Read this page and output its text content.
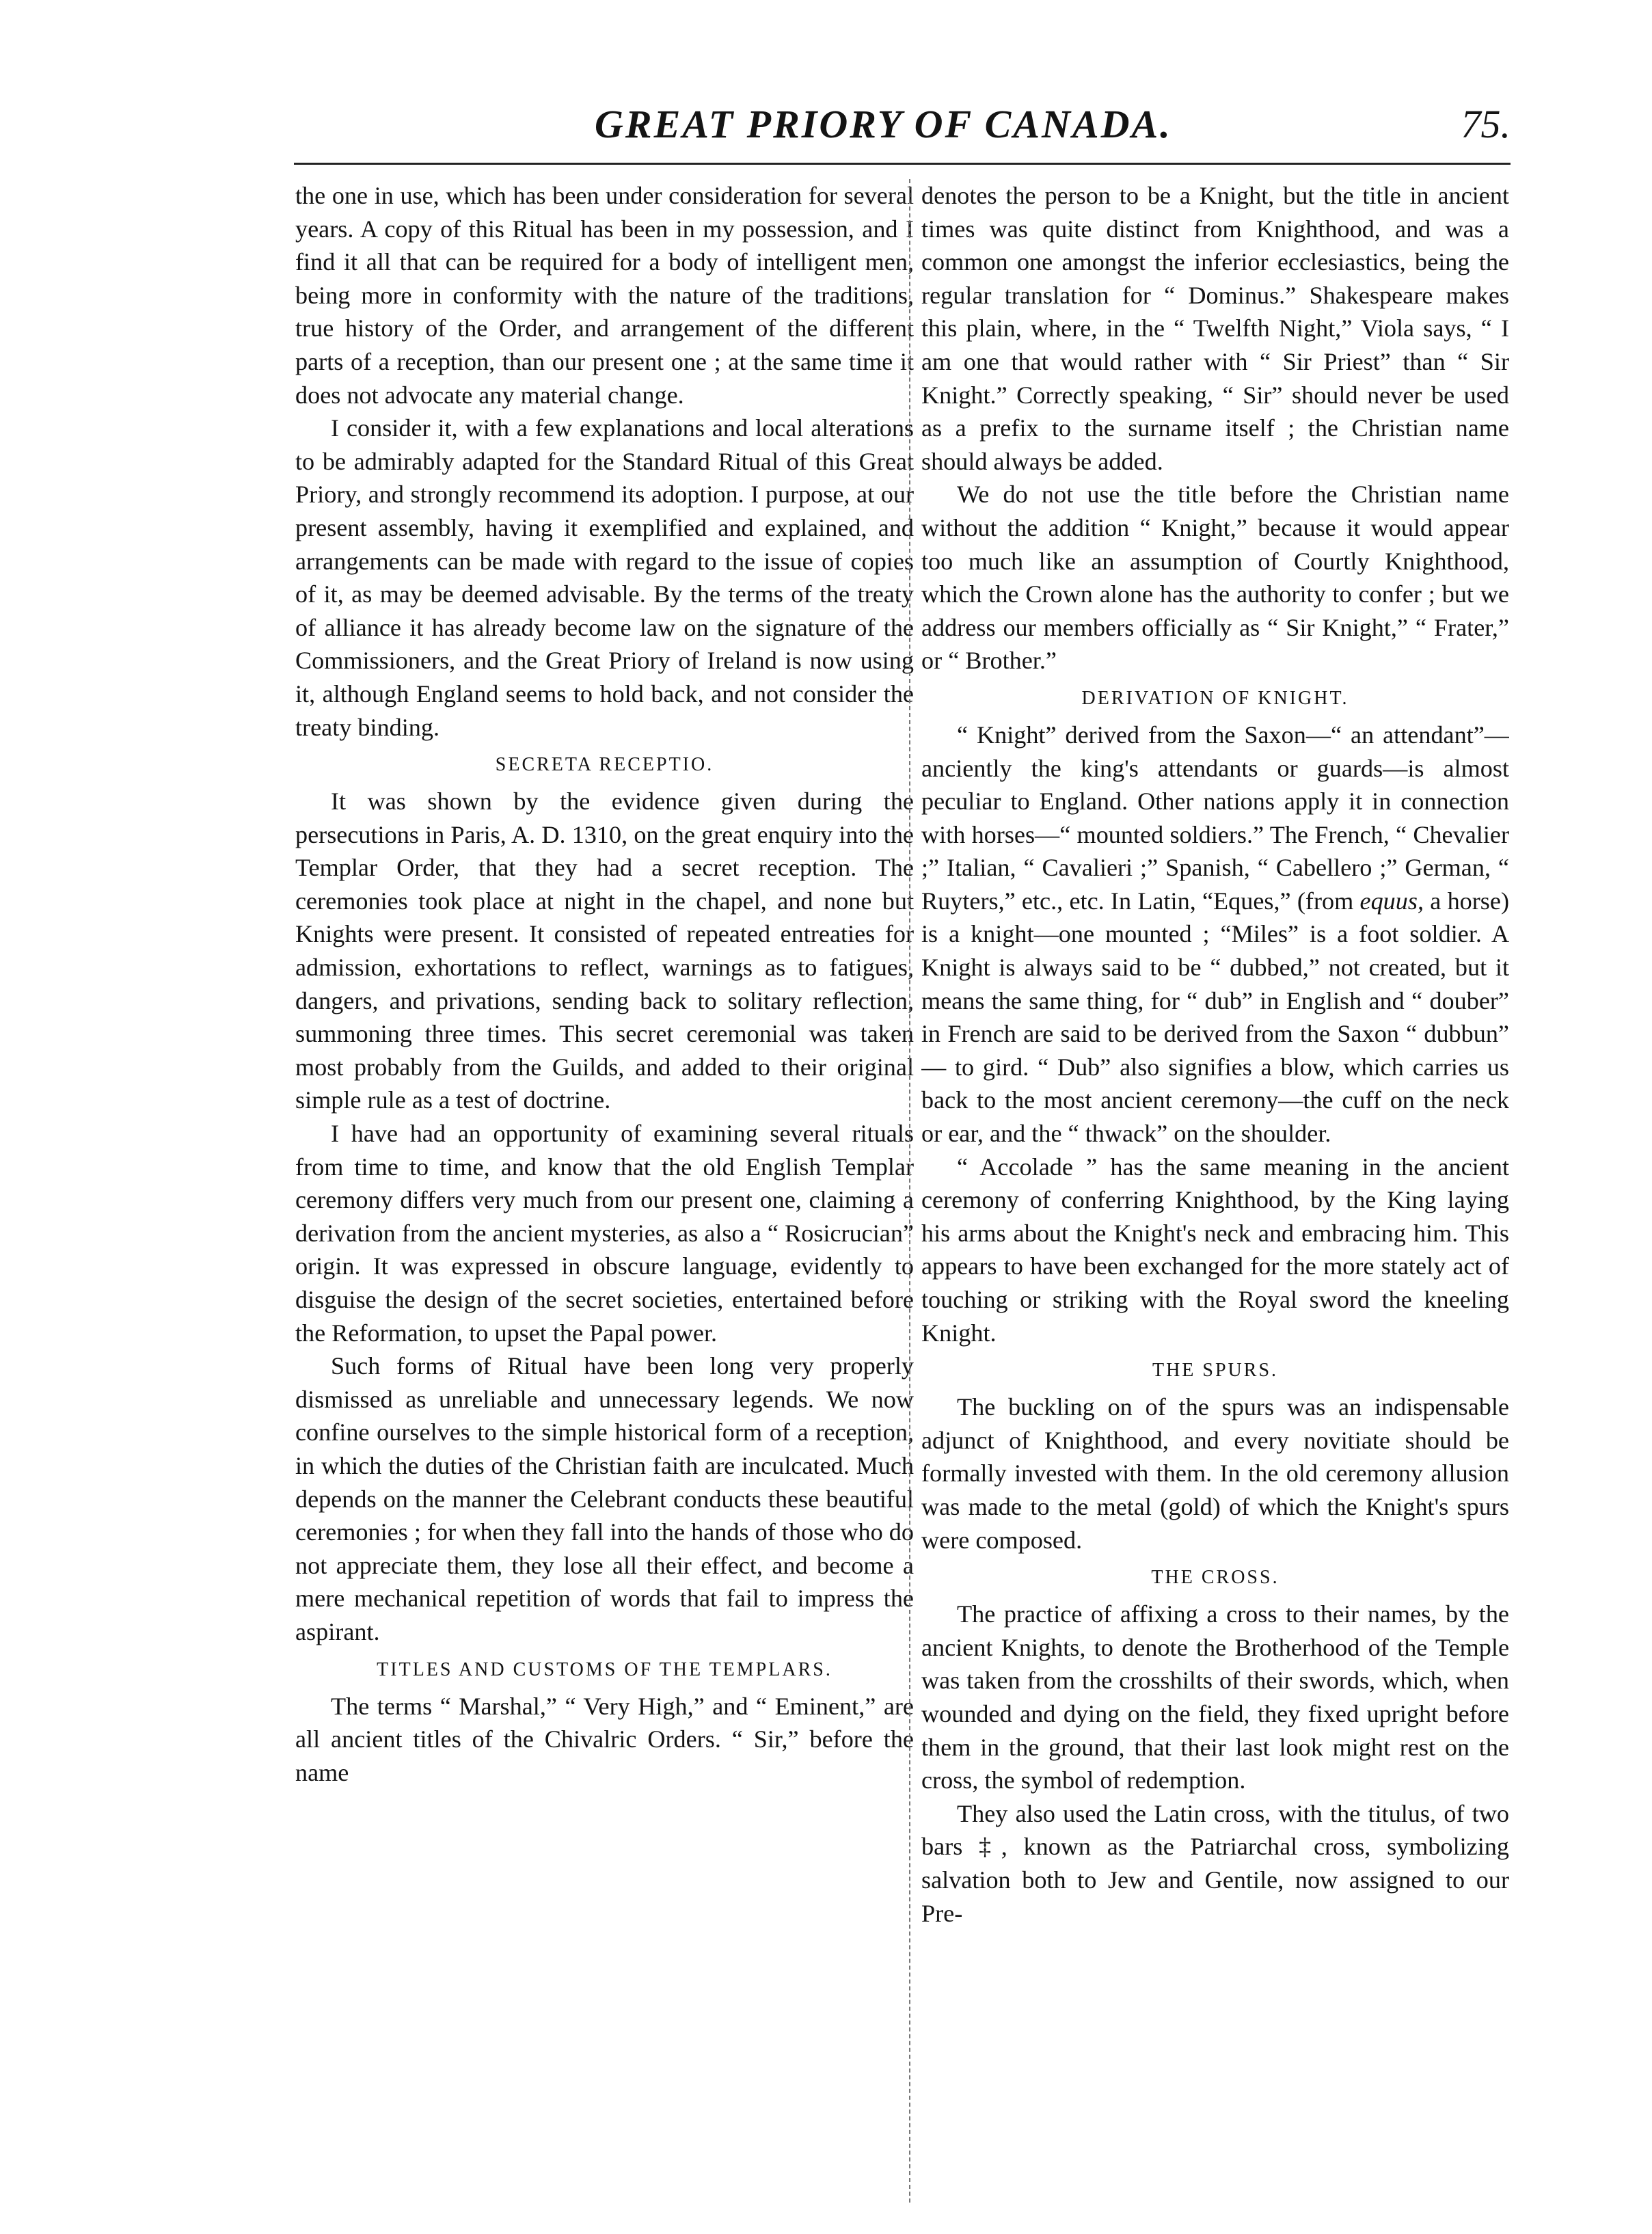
GREAT PRIORY OF CANADA.	75.

the one in use, which has been under consideration for several years. A copy of this Ritual has been in my possession, and I find it all that can be required for a body of intelligent men, being more in conformity with the nature of the traditions, true history of the Order, and arrangement of the different parts of a reception, than our present one ; at the same time it does not advocate any material change.

I consider it, with a few explanations and local alterations to be admirably adapted for the Standard Ritual of this Great Priory, and strongly recommend its adoption. I purpose, at our present assembly, having it exemplified and explained, and arrangements can be made with regard to the issue of copies of it, as may be deemed advisable. By the terms of the treaty of alliance it has already become law on the signature of the Commissioners, and the Great Priory of Ireland is now using it, although England seems to hold back, and not consider the treaty binding.

SECRETA RECEPTIO.

It was shown by the evidence given during the persecutions in Paris, A. D. 1310, on the great enquiry into the Templar Order, that they had a secret reception. The ceremonies took place at night in the chapel, and none but Knights were present. It consisted of repeated entreaties for admission, exhortations to reflect, warnings as to fatigues, dangers, and privations, sending back to solitary reflection, summoning three times. This secret ceremonial was taken most probably from the Guilds, and added to their original simple rule as a test of doctrine.

I have had an opportunity of examining several rituals from time to time, and know that the old English Templar ceremony differs very much from our present one, claiming a derivation from the ancient mysteries, as also a “ Rosicrucian” origin. It was expressed in obscure language, evidently to disguise the design of the secret societies, entertained before the Reformation, to upset the Papal power.

Such forms of Ritual have been long very properly dismissed as unreliable and unnecessary legends. We now confine ourselves to the simple historical form of a reception, in which the duties of the Christian faith are inculcated. Much depends on the manner the Celebrant conducts these beautiful ceremonies ; for when they fall into the hands of those who do not appreciate them, they lose all their effect, and become a mere mechanical repetition of words that fail to impress the aspirant.

TITLES AND CUSTOMS OF THE TEMPLARS.

The terms “ Marshal,” “ Very High,” and “ Eminent,” are all ancient titles of the Chivalric Orders. “ Sir,” before the name

denotes the person to be a Knight, but the title in ancient times was quite distinct from Knighthood, and was a common one amongst the inferior ecclesiastics, being the regular translation for “ Dominus.” Shakespeare makes this plain, where, in the “ Twelfth Night,” Viola says, “ I am one that would rather with “ Sir Priest” than “ Sir Knight.” Correctly speaking, “ Sir” should never be used as a prefix to the surname itself ; the Christian name should always be added.

We do not use the title before the Christian name without the addition “ Knight,” because it would appear too much like an assumption of Courtly Knighthood, which the Crown alone has the authority to confer ; but we address our members officially as “ Sir Knight,” “ Frater,” or “ Brother.”

DERIVATION OF KNIGHT.

“ Knight” derived from the Saxon—“ an attendant”—anciently the king's attendants or guards—is almost peculiar to England. Other nations apply it in connection with horses—“ mounted soldiers.” The French, “ Chevalier ;” Italian, “ Cavalieri ;” Spanish, “ Cabellero ;” German, “ Ruyters,” etc., etc. In Latin, “Eques,” (from equus, a horse) is a knight—one mounted ; “Miles” is a foot soldier. A Knight is always said to be “ dubbed,” not created, but it means the same thing, for “ dub” in English and “ douber” in French are said to be derived from the Saxon “ dubbun” — to gird. “ Dub” also signifies a blow, which carries us back to the most ancient ceremony—the cuff on the neck or ear, and the “ thwack” on the shoulder.

“ Accolade ” has the same meaning in the ancient ceremony of conferring Knighthood, by the King laying his arms about the Knight's neck and embracing him. This appears to have been exchanged for the more stately act of touching or striking with the Royal sword the kneeling Knight.

THE SPURS.

The buckling on of the spurs was an indispensable adjunct of Knighthood, and every novitiate should be formally invested with them. In the old ceremony allusion was made to the metal (gold) of which the Knight's spurs were composed.

THE CROSS.

The practice of affixing a cross to their names, by the ancient Knights, to denote the Brotherhood of the Temple was taken from the crosshilts of their swords, which, when wounded and dying on the field, they fixed upright before them in the ground, that their last look might rest on the cross, the symbol of redemption.

They also used the Latin cross, with the titulus, of two bars ‡, known as the Patriarchal cross, symbolizing salvation both to Jew and Gentile, now assigned to our Pre-
